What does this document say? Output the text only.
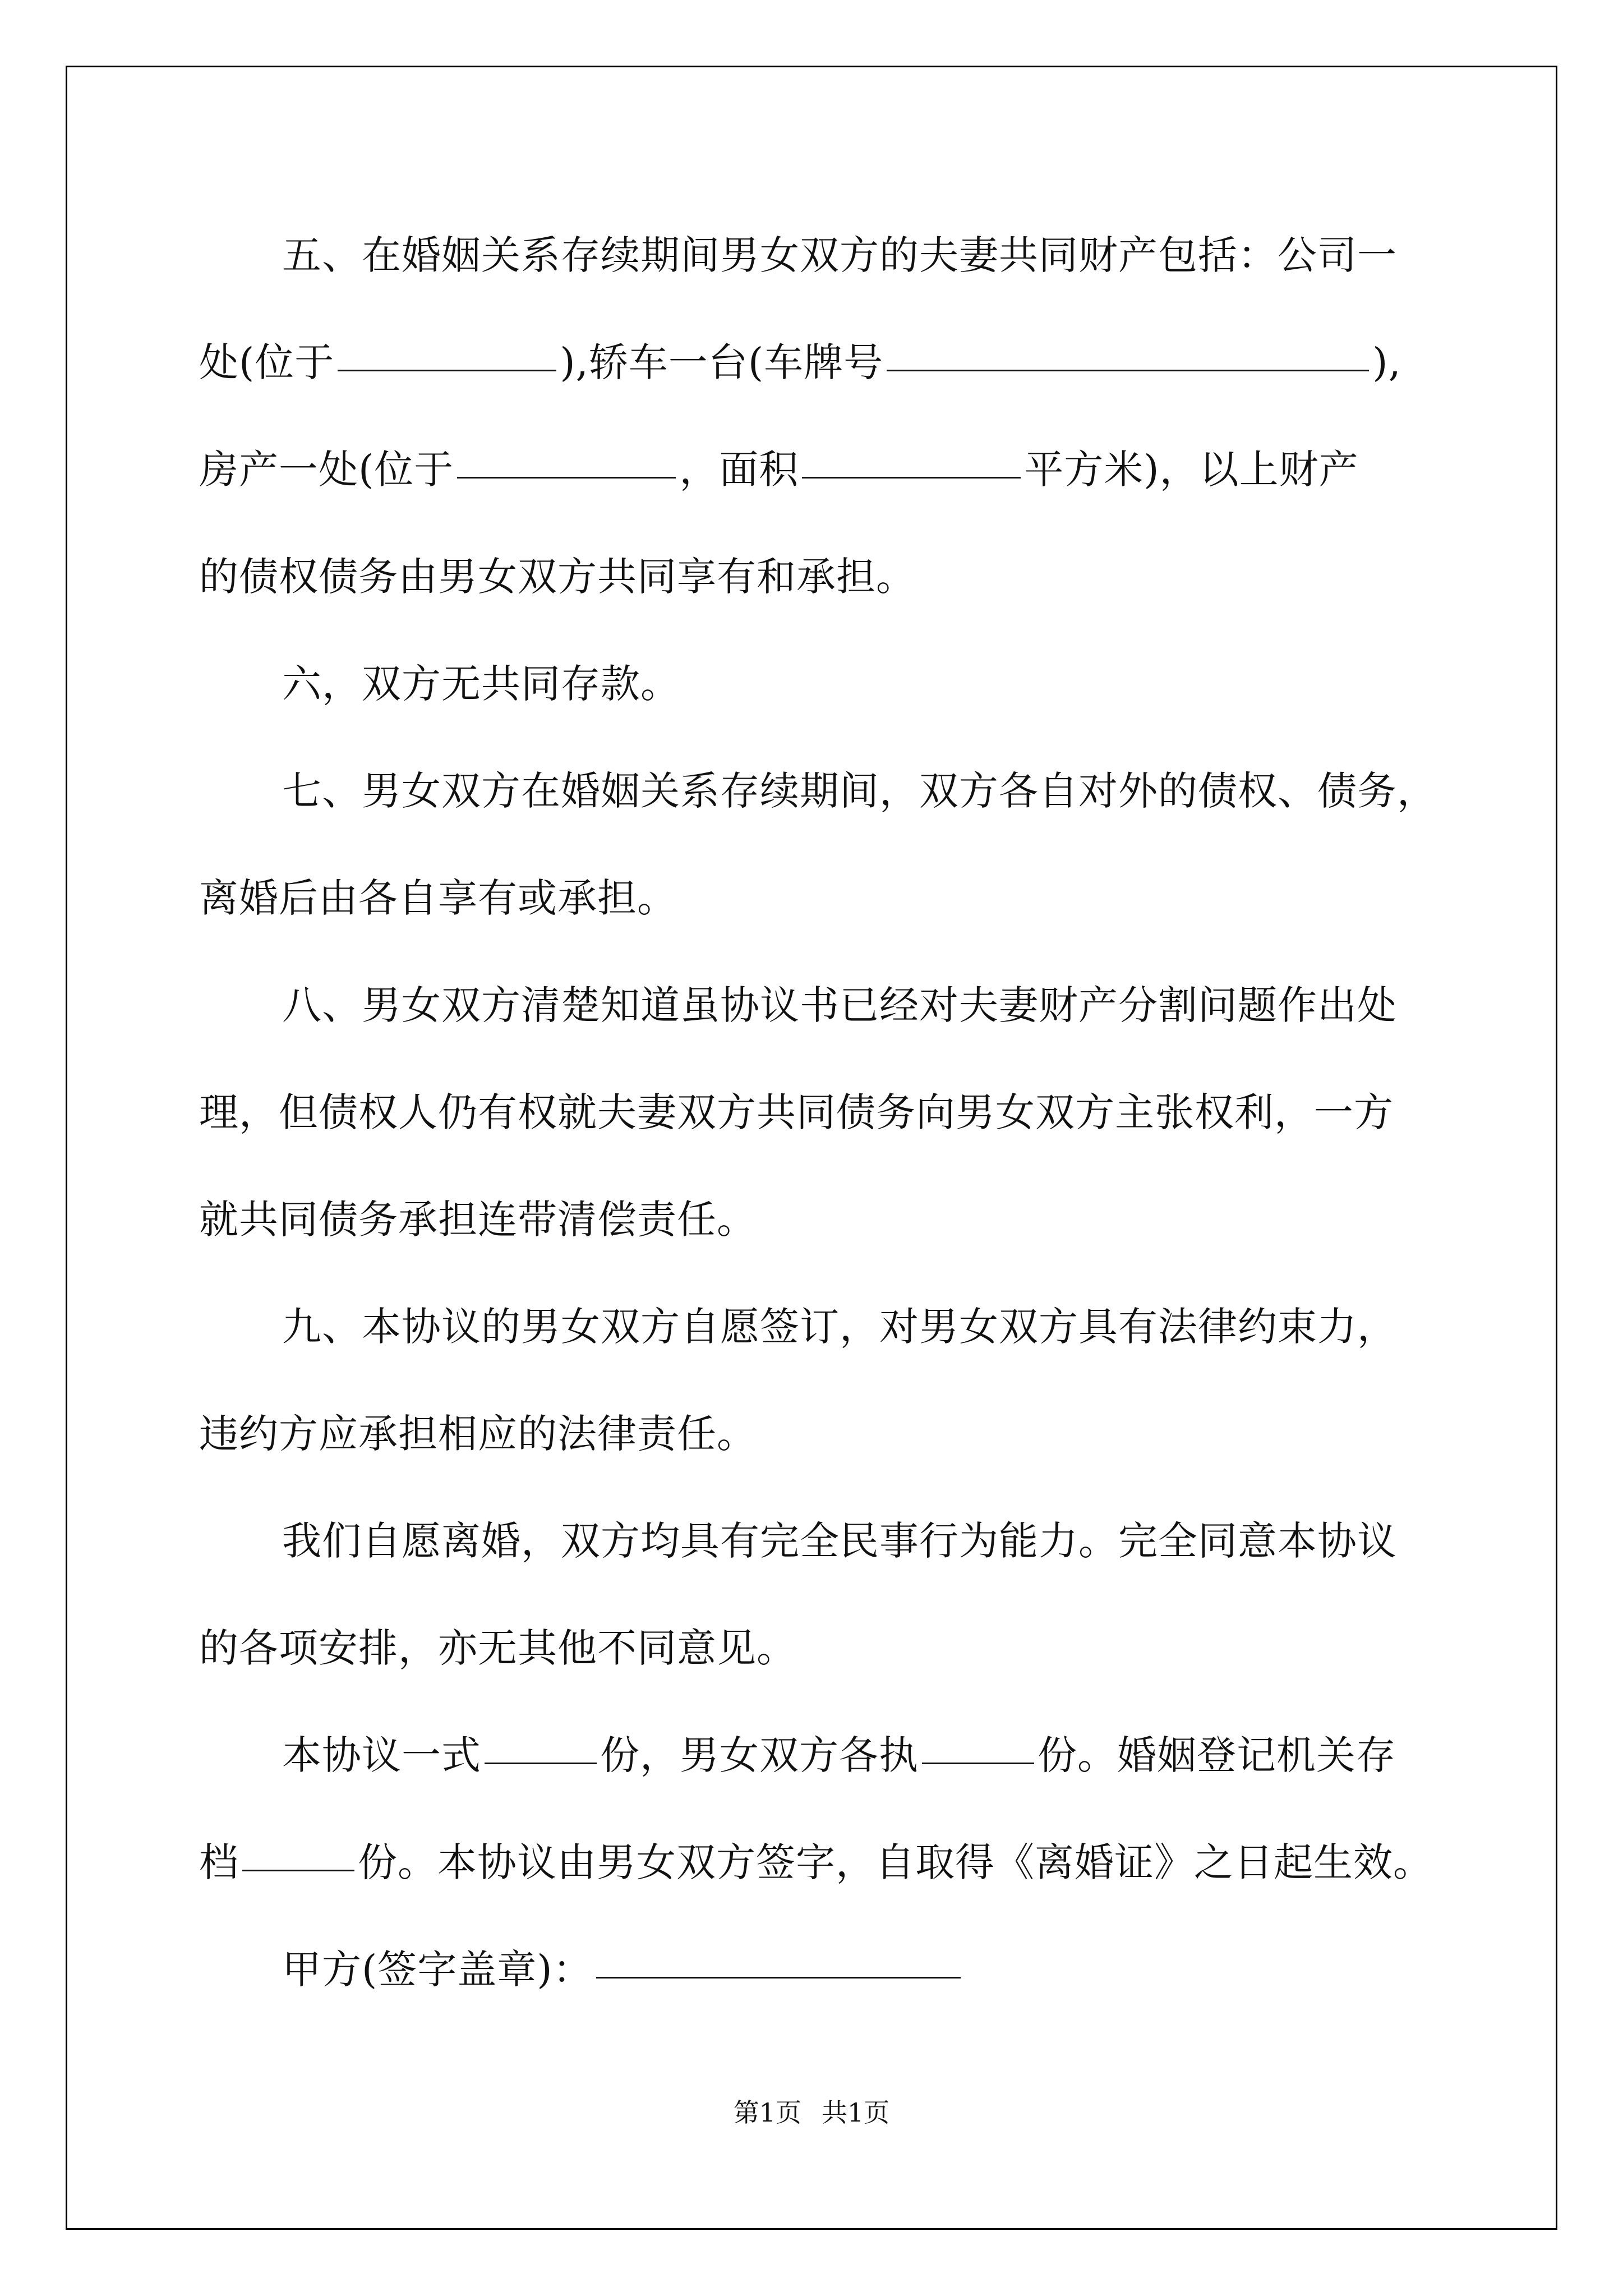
五、在婚姻关系存续期间男女双方的夫妻共同财产包括：公司一
处(位于	),轿车一台(车牌号	),
房产一处(位于	，面积	平方米)，以上财产
的债权债务由男女双方共同享有和承担。
六，双方无共同存款。
七、男女双方在婚姻关系存续期间，双方各自对外的债权、债务，
离婚后由各自享有或承担。
八、男女双方清楚知道虽协议书已经对夫妻财产分割问题作出处
理，但债权人仍有权就夫妻双方共同债务向男女双方主张权利，一方
就共同债务承担连带清偿责任。
九、本协议的男女双方自愿签订，对男女双方具有法律约束力，
违约方应承担相应的法律责任。
我们自愿离婚，双方均具有完全民事行为能力。完全同意本协议
的各项安排，亦无其他不同意见。
本协议一式	份，男女双方各执	份。婚姻登记机关存
档	份。本协议由男女双方签字，自取得《离婚证》之日起生效。
甲方(签字盖章)：
第1页 共1页
